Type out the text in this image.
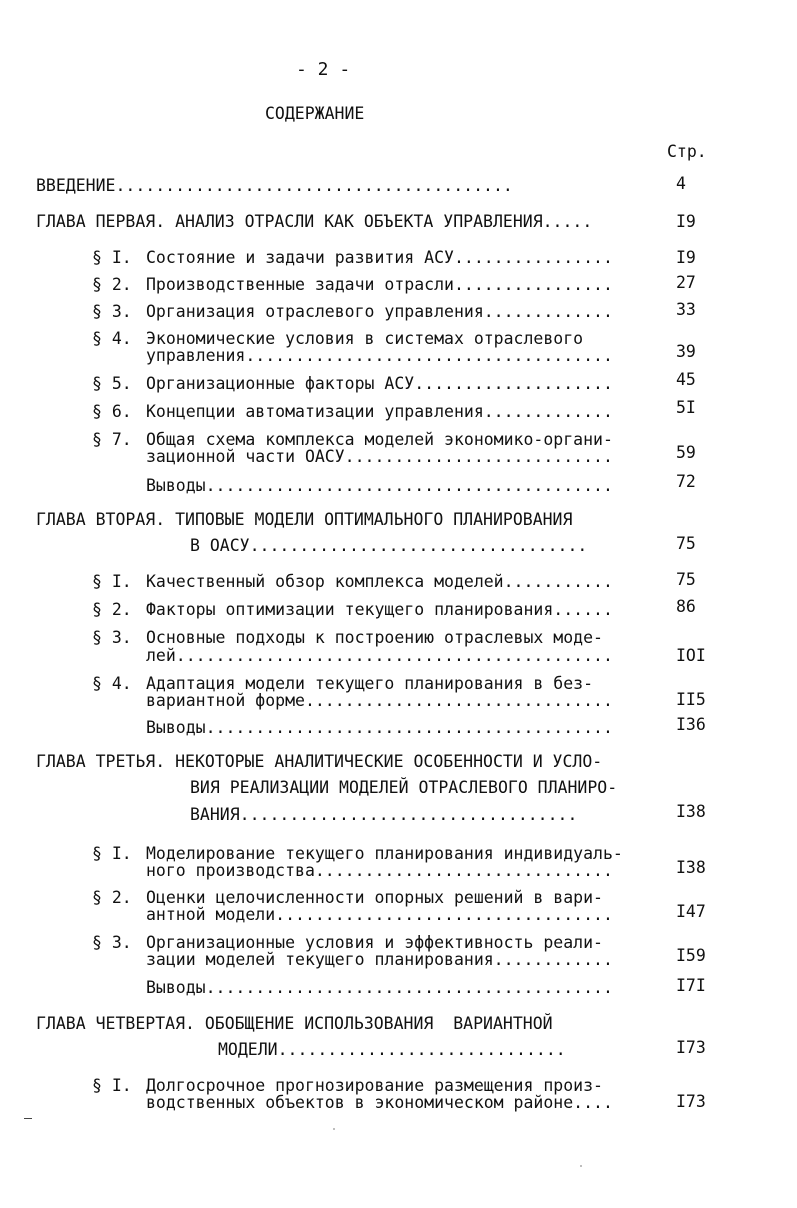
- 2 -
СОДЕРЖАНИЕ
Стр.
ВВЕДЕНИЕ........................................	4
ГЛАВА ПЕРВАЯ. АНАЛИЗ ОТРАСЛИ КАК ОБЪЕКТА УПРАВЛЕНИЯ.....	I9
§ I. Состояние и задачи развития АСУ................	I9
§ 2. Производственные задачи отрасли................	27
§ 3. Организация отраслевого управления.............	33
§ 4. Экономические условия в системах отраслевого
управления.....................................	39
§ 5. Организационные факторы АСУ....................	45
§ 6. Концепции автоматизации управления.............	5I
§ 7. Общая схема комплекса моделей экономико-органи-
зационной части ОАСУ...........................	59
Выводы.........................................	72
ГЛАВА ВТОРАЯ. ТИПОВЫЕ МОДЕЛИ ОПТИМАЛЬНОГО ПЛАНИРОВАНИЯ
В ОАСУ..................................	75
§ I. Качественный обзор комплекса моделей...........	75
§ 2. Факторы оптимизации текущего планирования......	86
§ 3. Основные подходы к построению отраслевых моде-
лей............................................	IOI
§ 4. Адаптация модели текущего планирования в без-
вариантной форме...............................	II5
Выводы.........................................	I36
ГЛАВА ТРЕТЬЯ. НЕКОТОРЫЕ АНАЛИТИЧЕСКИЕ ОСОБЕННОСТИ И УСЛО-
ВИЯ РЕАЛИЗАЦИИ МОДЕЛЕЙ ОТРАСЛЕВОГО ПЛАНИРО-
ВАНИЯ..................................	I38
§ I. Моделирование текущего планирования индивидуаль-
ного производства..............................	I38
§ 2. Оценки целочисленности опорных решений в вари-
антной модели..................................	I47
§ 3. Организационные условия и эффективность реали-
зации моделей текущего планирования............	I59
Выводы.........................................	I7I
ГЛАВА ЧЕТВЕРТАЯ. ОБОБЩЕНИЕ ИСПОЛЬЗОВАНИЯ  ВАРИАНТНОЙ
МОДЕЛИ.............................	I73
§ I. Долгосрочное прогнозирование размещения произ-
водственных объектов в экономическом районе....	I73
